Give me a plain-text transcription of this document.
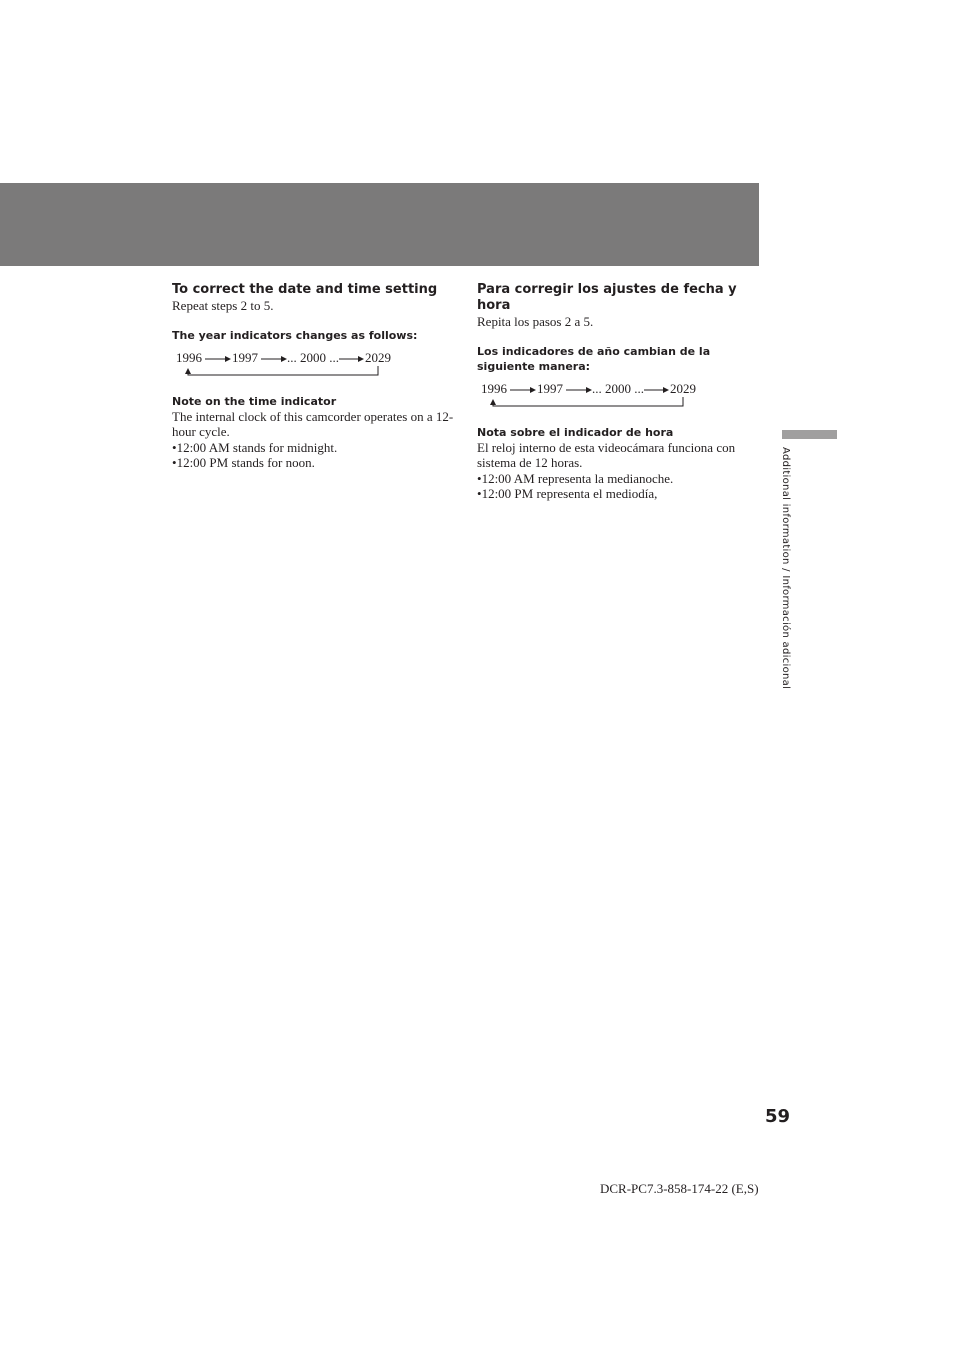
To correct the date and time setting

Repeat steps 2 to 5.

The year indicators changes as follows:

1996 1997 ... 2000 ... 2029

Note on the time indicator

The internal clock of this camcorder operates on a 12-hour cycle.

• 12:00 AM stands for midnight.
• 12:00 PM stands for noon.

Para corregir los ajustes de fecha y hora

Repita los pasos 2 a 5.

Los indicadores de año cambian de la siguiente manera:

1996 1997 ... 2000 ... 2029

Nota sobre el indicador de hora

El reloj interno de esta videocámara funciona con sistema de 12 horas.

• 12:00 AM representa la medianoche.
• 12:00 PM representa el mediodía,	Additional information / Información adicional
59
DCR-PC7.3-858-174-22 (E,S)
